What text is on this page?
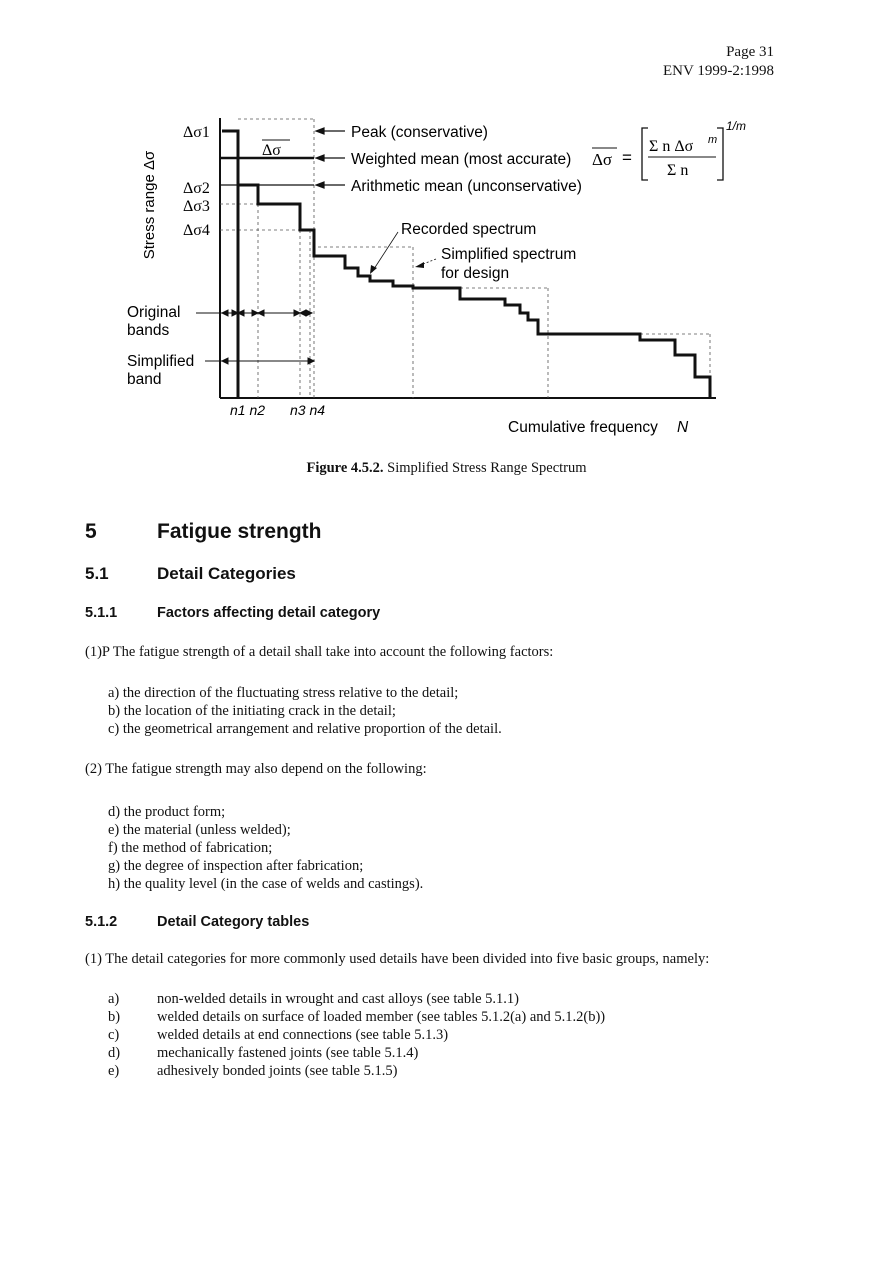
Page 31
ENV 1999-2:1998
Stress range Δσ
Δσ1
Δσ2
Δσ3
Δσ4
Δσ
Peak (conservative)
Weighted mean (most accurate)
Arithmetic mean (unconservative)
Δσ =
Σ n Δσ m
Σ n
1/m
Recorded spectrum
Simplified spectrum
for design
Original
bands
Simplified
band
n1 n2 n3 n4
Cumulative frequency N
Figure 4.5.2. Simplified Stress Range Spectrum
5	Fatigue strength
5.1	Detail Categories
5.1.1	Factors affecting detail category
(1)P The fatigue strength of a detail shall take into account the following factors:
a) the direction of the fluctuating stress relative to the detail;
b) the location of the initiating crack in the detail;
c) the geometrical arrangement and relative proportion of the detail.
(2) The fatigue strength may also depend on the following:
d) the product form;
e) the material (unless welded);
f) the method of fabrication;
g) the degree of inspection after fabrication;
h) the quality level (in the case of welds and castings).
5.1.2	Detail Category tables
(1) The detail categories for more commonly used details have been divided into five basic groups, namely:
a)	non-welded details in wrought and cast alloys (see table 5.1.1)
b)	welded details on surface of loaded member (see tables 5.1.2(a) and 5.1.2(b))
c)	welded details at end connections (see table 5.1.3)
d)	mechanically fastened joints (see table 5.1.4)
e)	adhesively bonded joints (see table 5.1.5)
